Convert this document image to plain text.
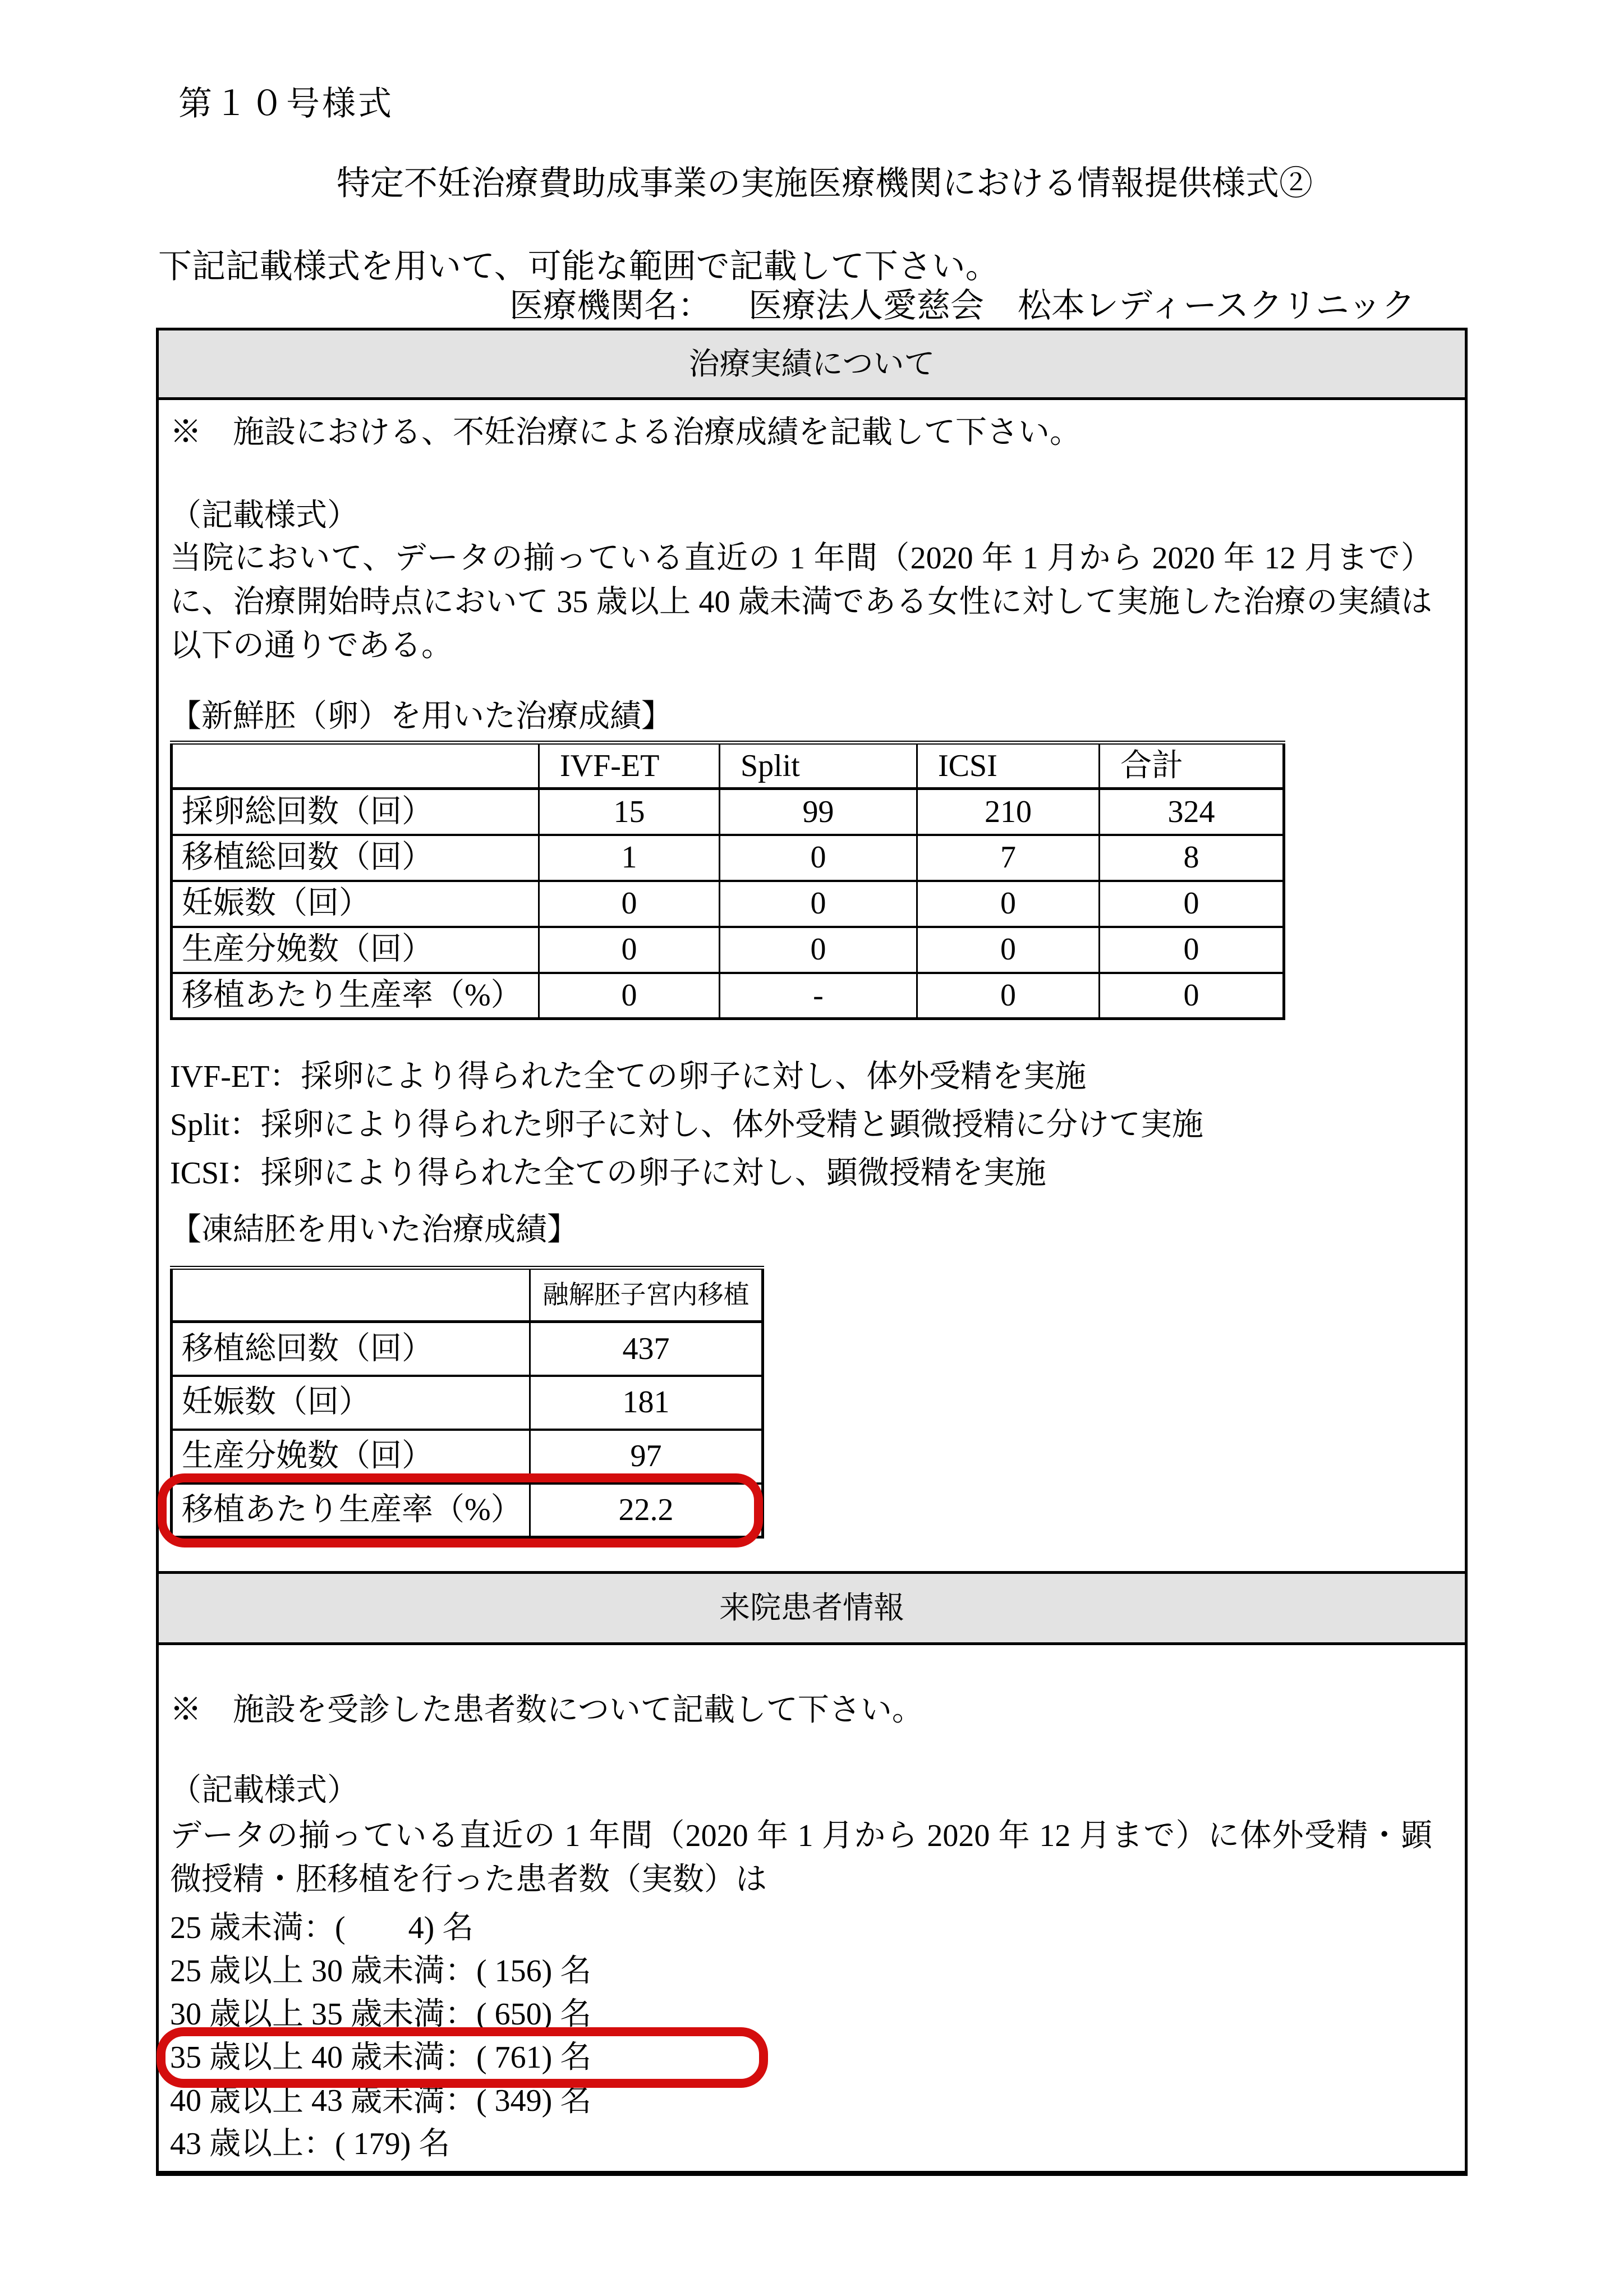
第１０号様式
特定不妊治療費助成事業の実施医療機関における情報提供様式②
下記記載様式を用いて、可能な範囲で記載して下さい。
医療機関名： 医療法人愛慈会　松本レディースクリニック
治療実績について
※　施設における、不妊治療による治療成績を記載して下さい。
（記載様式）
当院において、データの揃っている直近の 1 年間（2020 年 1 月から 2020 年 12 月まで）に、治療開始時点において 35 歳以上 40 歳未満である女性に対して実施した治療の実績は以下の通りである。
【新鮮胚（卵）を用いた治療成績】
	IVF-ET	Split	ICSI	合計
採卵総回数（回）	15	99	210	324
移植総回数（回）	1	0	7	8
妊娠数（回）	0	0	0	0
生産分娩数（回）	0	0	0	0
移植あたり生産率（%）	0	-	0	0
IVF-ET：採卵により得られた全ての卵子に対し、体外受精を実施
Split：採卵により得られた卵子に対し、体外受精と顕微授精に分けて実施
ICSI：採卵により得られた全ての卵子に対し、顕微授精を実施
【凍結胚を用いた治療成績】
	融解胚子宮内移植
移植総回数（回）	437
妊娠数（回）	181
生産分娩数（回）	97
移植あたり生産率（%）	22.2
来院患者情報
※　施設を受診した患者数について記載して下さい。
（記載様式）
データの揃っている直近の 1 年間（2020 年 1 月から 2020 年 12 月まで）に体外受精・顕微授精・胚移植を行った患者数（実数）は
25 歳未満：(　　4) 名
25 歳以上 30 歳未満：( 156) 名
30 歳以上 35 歳未満：( 650) 名
35 歳以上 40 歳未満：( 761) 名
40 歳以上 43 歳未満：( 349) 名
43 歳以上：( 179) 名
